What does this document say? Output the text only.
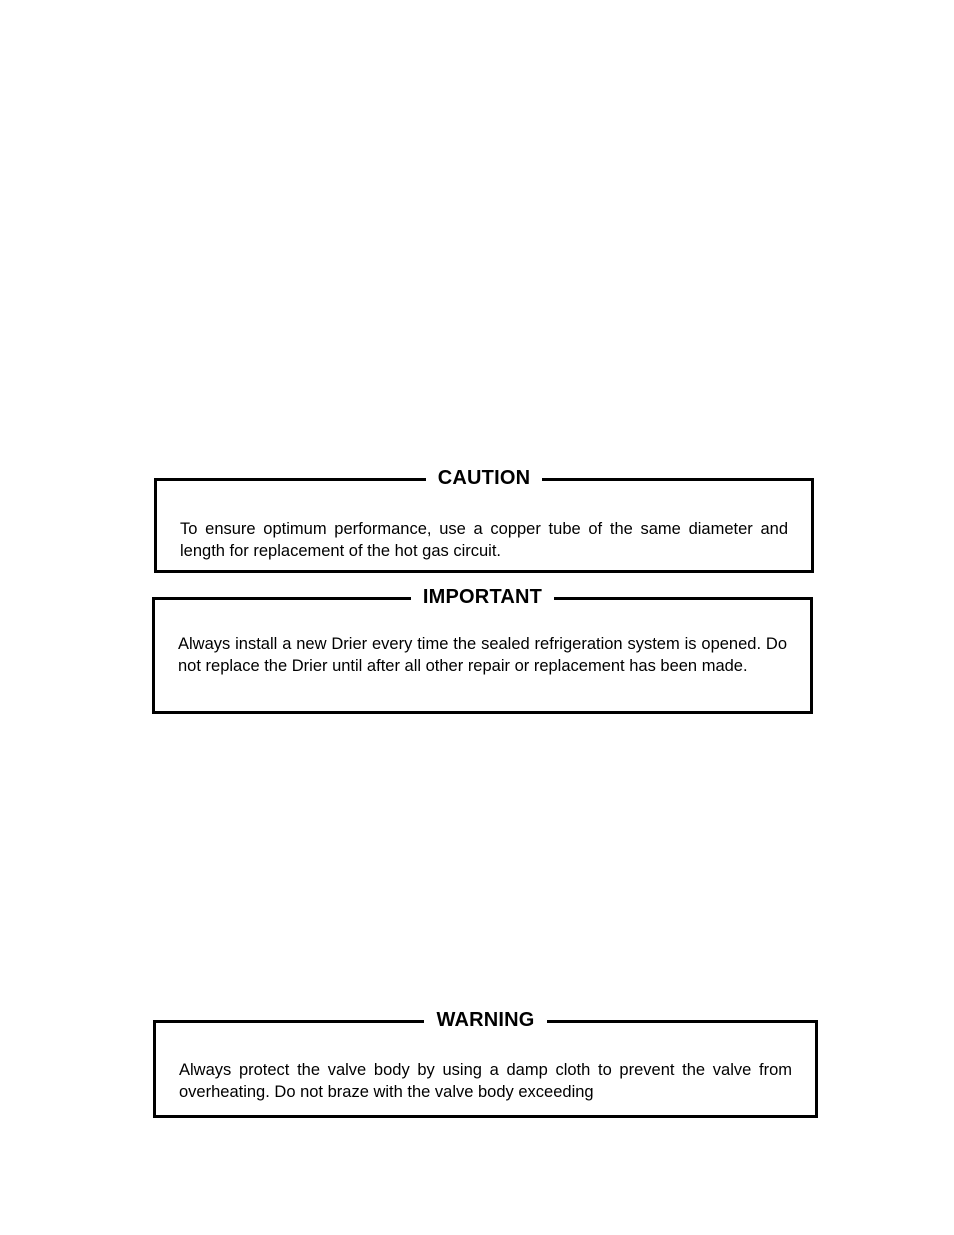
CAUTION
To ensure optimum performance, use a copper tube of the same diameter and length for replacement of the hot gas circuit.
IMPORTANT
Always install a new Drier every time the sealed refrigeration system is opened. Do not replace the Drier until after all other repair or replacement has been made.
WARNING
Always protect the valve body by using a damp cloth to prevent the valve from overheating. Do not braze with the valve body exceeding
